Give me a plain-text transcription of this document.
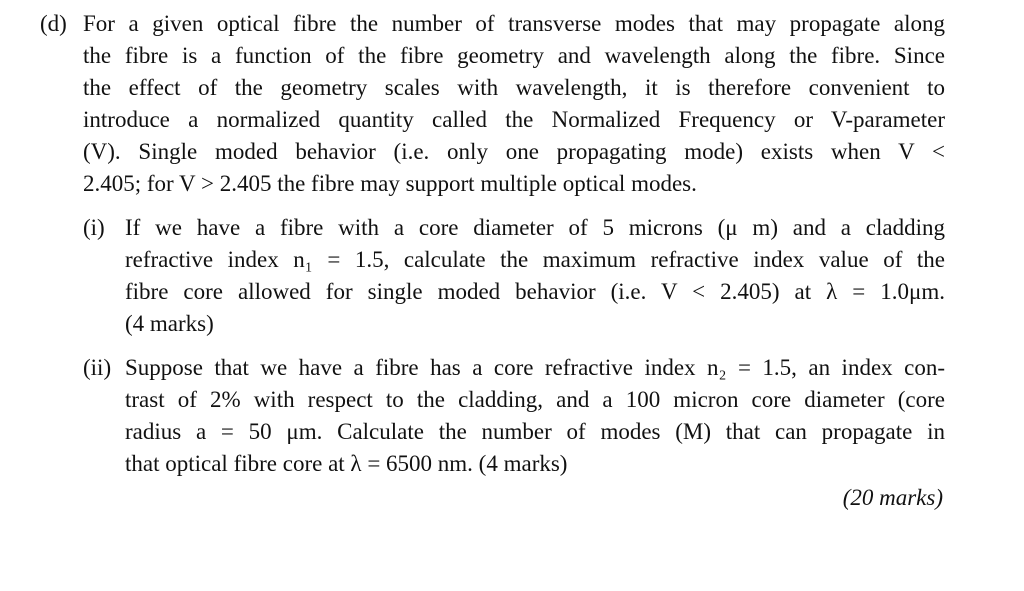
(d) For a given optical fibre the number of transverse modes that may propagate along
the fibre is a function of the fibre geometry and wavelength along the fibre. Since
the effect of the geometry scales with wavelength, it is therefore convenient to
introduce a normalized quantity called the Normalized Frequency or V-parameter
(V). Single moded behavior (i.e. only one propagating mode) exists when V <
2.405; for V > 2.405 the fibre may support multiple optical modes.
(i) If we have a fibre with a core diameter of 5 microns (μ m) and a cladding
refractive index n₁ = 1.5, calculate the maximum refractive index value of the
fibre core allowed for single moded behavior (i.e. V < 2.405) at λ = 1.0μm.
(4 marks)
(ii) Suppose that we have a fibre has a core refractive index n₂ = 1.5, an index con-
trast of 2% with respect to the cladding, and a 100 micron core diameter (core
radius a = 50 μm. Calculate the number of modes (M) that can propagate in
that optical fibre core at λ = 6500 nm. (4 marks)
(20 marks)
